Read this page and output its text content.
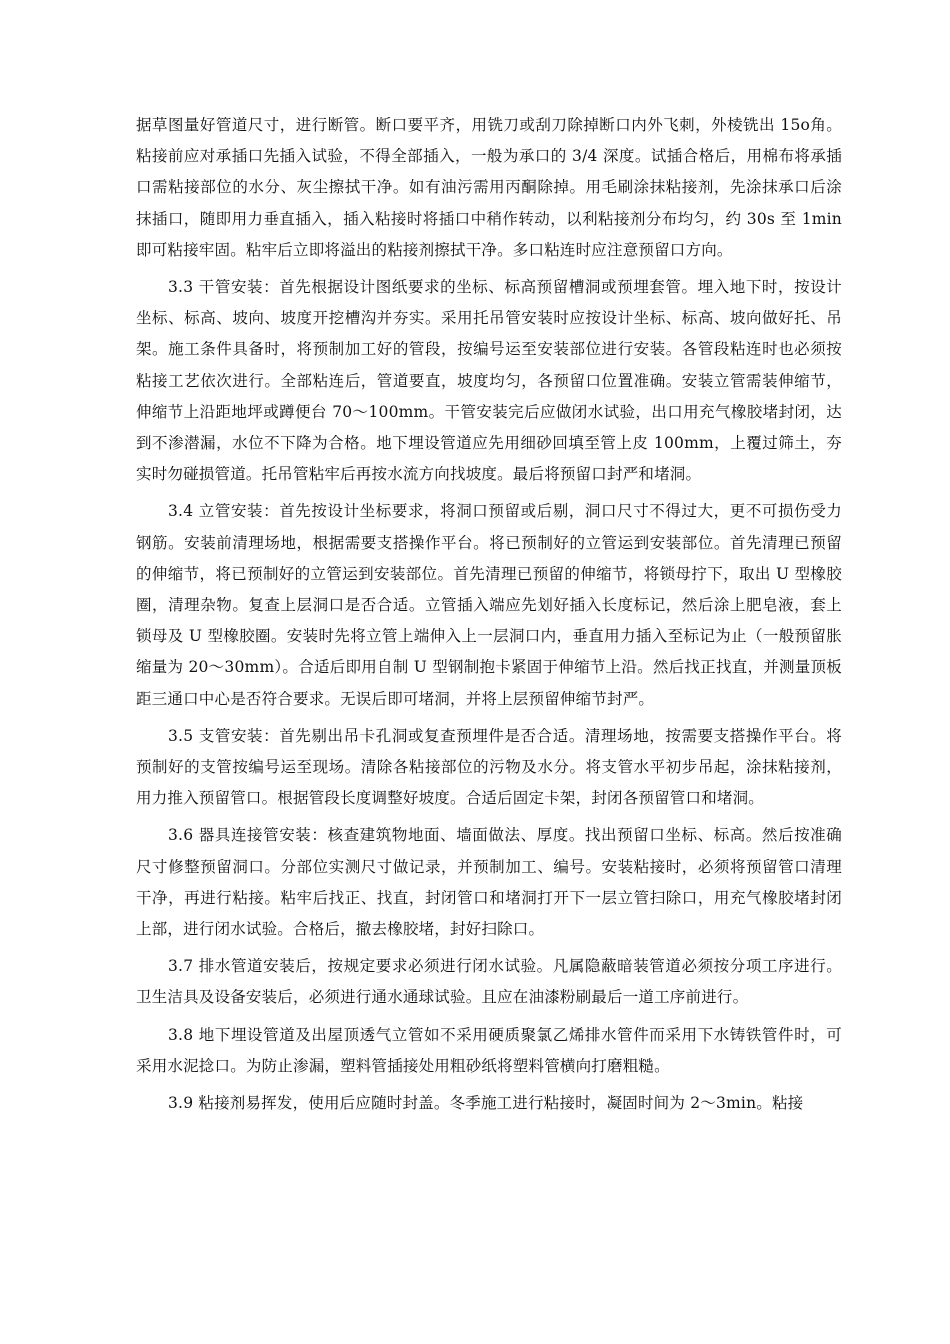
据草图量好管道尺寸，进行断管。断口要平齐，用铣刀或刮刀除掉断口内外飞刺，外棱铣出 15o角。粘接前应对承插口先插入试验，不得全部插入，一般为承口的 3/4 深度。试插合格后，用棉布将承插口需粘接部位的水分、灰尘擦拭干净。如有油污需用丙酮除掉。用毛刷涂抹粘接剂，先涂抹承口后涂抹插口，随即用力垂直插入，插入粘接时将插口中稍作转动，以利粘接剂分布均匀，约 30s 至 1min 即可粘接牢固。粘牢后立即将溢出的粘接剂擦拭干净。多口粘连时应注意预留口方向。

3.3 干管安装：首先根据设计图纸要求的坐标、标高预留槽洞或预埋套管。埋入地下时，按设计坐标、标高、坡向、坡度开挖槽沟并夯实。采用托吊管安装时应按设计坐标、标高、坡向做好托、吊架。施工条件具备时，将预制加工好的管段，按编号运至安装部位进行安装。各管段粘连时也必须按粘接工艺依次进行。全部粘连后，管道要直，坡度均匀，各预留口位置准确。安装立管需装伸缩节，伸缩节上沿距地坪或蹲便台 70～100mm。干管安装完后应做闭水试验，出口用充气橡胶堵封闭，达到不渗潜漏，水位不下降为合格。地下埋设管道应先用细砂回填至管上皮 100mm，上覆过筛土，夯实时勿碰损管道。托吊管粘牢后再按水流方向找坡度。最后将预留口封严和堵洞。

3.4 立管安装：首先按设计坐标要求，将洞口预留或后剔，洞口尺寸不得过大，更不可损伤受力钢筋。安装前清理场地，根据需要支搭操作平台。将已预制好的立管运到安装部位。首先清理已预留的伸缩节，将已预制好的立管运到安装部位。首先清理已预留的伸缩节，将锁母拧下，取出 U 型橡胶圈，清理杂物。复查上层洞口是否合适。立管插入端应先划好插入长度标记，然后涂上肥皂液，套上锁母及 U 型橡胶圈。安装时先将立管上端伸入上一层洞口内，垂直用力插入至标记为止（一般预留胀缩量为 20～30mm）。合适后即用自制 U 型钢制抱卡紧固于伸缩节上沿。然后找正找直，并测量顶板距三通口中心是否符合要求。无误后即可堵洞，并将上层预留伸缩节封严。

3.5 支管安装：首先剔出吊卡孔洞或复查预埋件是否合适。清理场地，按需要支搭操作平台。将预制好的支管按编号运至现场。清除各粘接部位的污物及水分。将支管水平初步吊起，涂抹粘接剂，用力推入预留管口。根据管段长度调整好坡度。合适后固定卡架，封闭各预留管口和堵洞。

3.6 器具连接管安装：核查建筑物地面、墙面做法、厚度。找出预留口坐标、标高。然后按准确尺寸修整预留洞口。分部位实测尺寸做记录，并预制加工、编号。安装粘接时，必须将预留管口清理干净，再进行粘接。粘牢后找正、找直，封闭管口和堵洞打开下一层立管扫除口，用充气橡胶堵封闭上部，进行闭水试验。合格后，撤去橡胶堵，封好扫除口。

3.7 排水管道安装后，按规定要求必须进行闭水试验。凡属隐蔽暗装管道必须按分项工序进行。卫生洁具及设备安装后，必须进行通水通球试验。且应在油漆粉刷最后一道工序前进行。

3.8 地下埋设管道及出屋顶透气立管如不采用硬质聚氯乙烯排水管件而采用下水铸铁管件时，可采用水泥捻口。为防止渗漏，塑料管插接处用粗砂纸将塑料管横向打磨粗糙。

3.9 粘接剂易挥发，使用后应随时封盖。冬季施工进行粘接时，凝固时间为 2～3min。粘接
